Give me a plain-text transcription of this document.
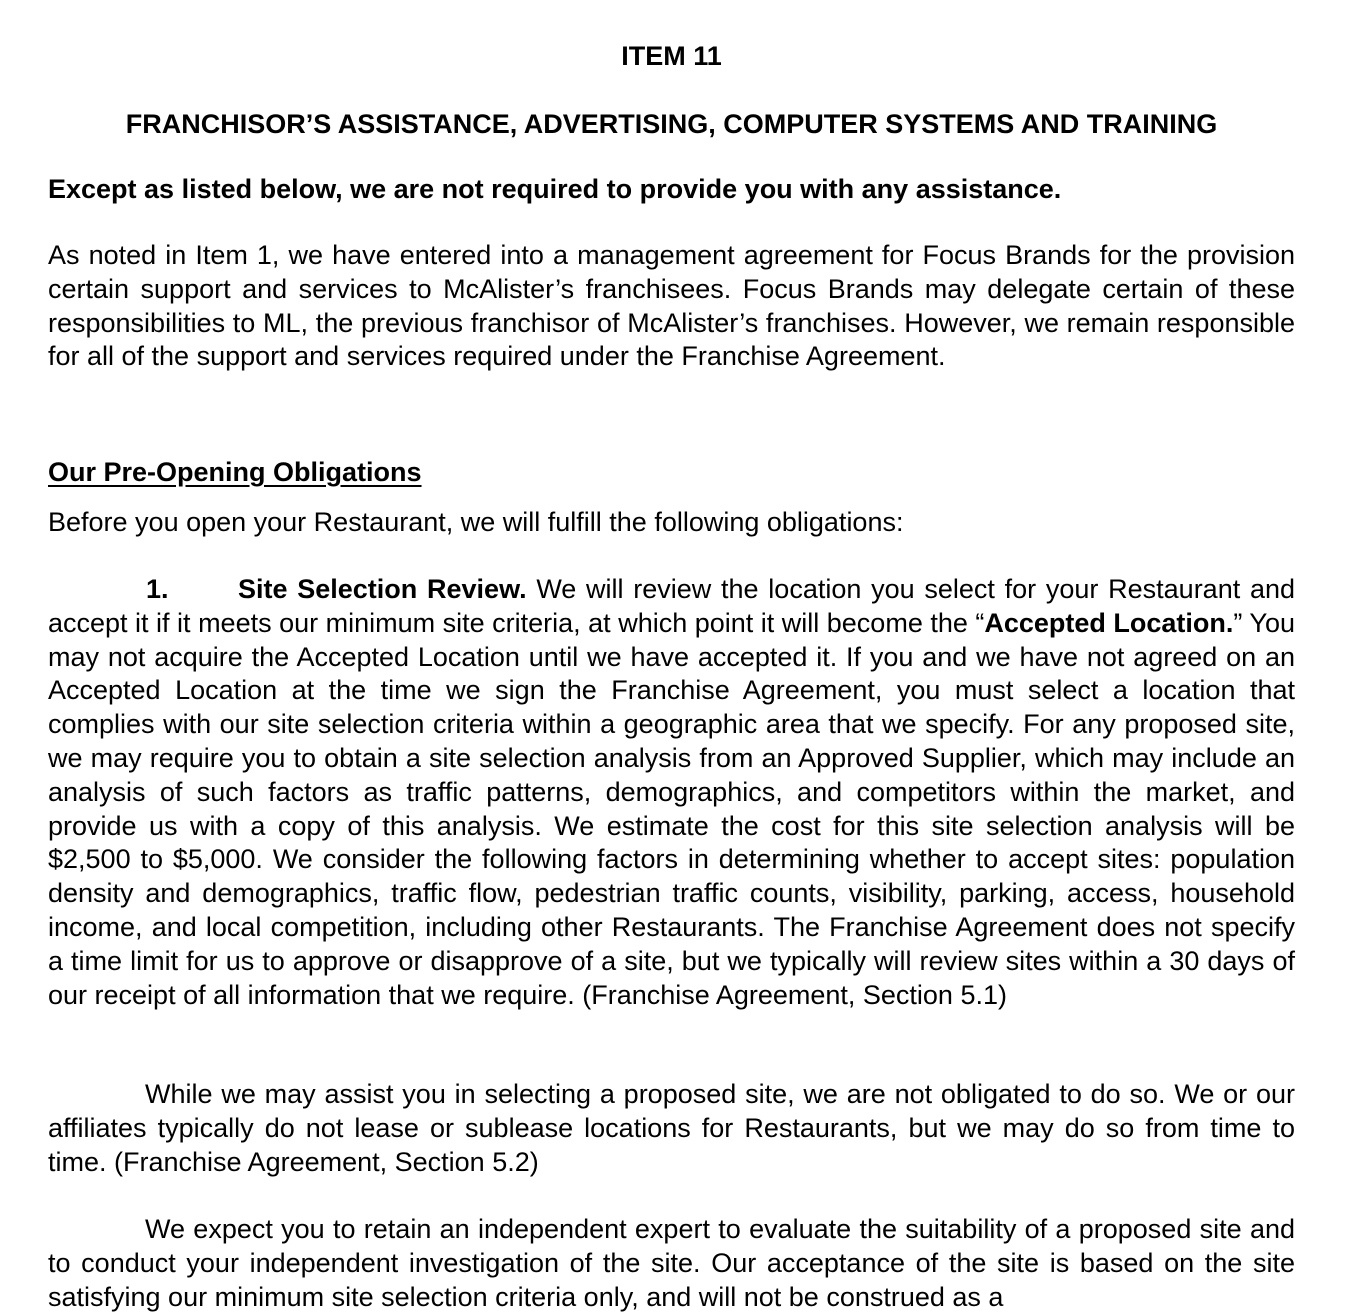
ITEM 11
FRANCHISOR’S ASSISTANCE, ADVERTISING, COMPUTER SYSTEMS AND TRAINING
Except as listed below, we are not required to provide you with any assistance.
As noted in Item 1, we have entered into a management agreement for Focus Brands for the provision certain support and services to McAlister’s franchisees. Focus Brands may delegate certain of these responsibilities to ML, the previous franchisor of McAlister’s franchises. However, we remain responsible for all of the support and services required under the Franchise Agreement.
Our Pre-Opening Obligations
Before you open your Restaurant, we will fulfill the following obligations:
1.	Site Selection Review. We will review the location you select for your Restaurant and accept it if it meets our minimum site criteria, at which point it will become the “Accepted Location.” You may not acquire the Accepted Location until we have accepted it. If you and we have not agreed on an Accepted Location at the time we sign the Franchise Agreement, you must select a location that complies with our site selection criteria within a geographic area that we specify. For any proposed site, we may require you to obtain a site selection analysis from an Approved Supplier, which may include an analysis of such factors as traffic patterns, demographics, and competitors within the market, and provide us with a copy of this analysis. We estimate the cost for this site selection analysis will be $2,500 to $5,000. We consider the following factors in determining whether to accept sites: population density and demographics, traffic flow, pedestrian traffic counts, visibility, parking, access, household income, and local competition, including other Restaurants. The Franchise Agreement does not specify a time limit for us to approve or disapprove of a site, but we typically will review sites within a 30 days of our receipt of all information that we require. (Franchise Agreement, Section 5.1)
While we may assist you in selecting a proposed site, we are not obligated to do so. We or our affiliates typically do not lease or sublease locations for Restaurants, but we may do so from time to time. (Franchise Agreement, Section 5.2)
We expect you to retain an independent expert to evaluate the suitability of a proposed site and to conduct your independent investigation of the site. Our acceptance of the site is based on the site satisfying our minimum site selection criteria only, and will not be construed as a
